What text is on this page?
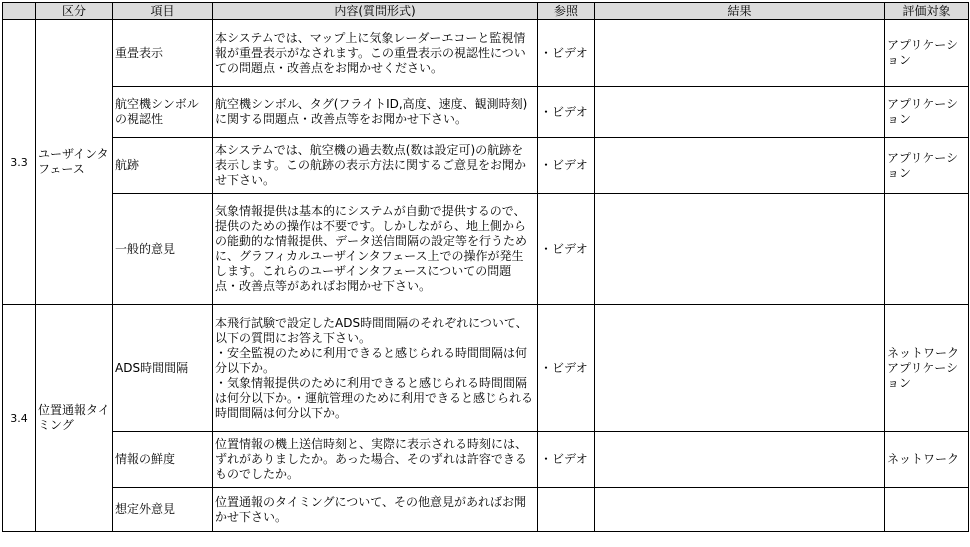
	区分	項目	内容(質問形式)	参照	結果	評価対象
3.3	ユーザインタフェース	重畳表示	本システムでは、マップ上に気象レーダーエコーと監視情報が重畳表示がなされます。この重畳表示の視認性についての問題点・改善点をお聞かせください。	・ビデオ		アプリケーション
		航空機シンボルの視認性	航空機シンボル、タグ(フライトID,高度、速度、観測時刻)に関する問題点・改善点等をお聞かせ下さい。	・ビデオ		アプリケーション
		航跡	本システムでは、航空機の過去数点(数は設定可)の航跡を表示します。この航跡の表示方法に関するご意見をお聞かせ下さい。	・ビデオ		アプリケーション
		一般的意見	気象情報提供は基本的にシステムが自動で提供するので、提供のための操作は不要です。しかしながら、地上側からの能動的な情報提供、データ送信間隔の設定等を行うために、グラフィカルユーザインタフェース上での操作が発生します。これらのユーザインタフェースについての問題点・改善点等があればお聞かせ下さい。	・ビデオ		
3.4	位置通報タイミング	ADS時間間隔	本飛行試験で設定したADS時間間隔のそれぞれについて、以下の質問にお答え下さい。
・安全監視のために利用できると感じられる時間間隔は何分以下か。
・気象情報提供のために利用できると感じられる時間間隔は何分以下か。・運航管理のために利用できると感じられる時間間隔は何分以下か。	・ビデオ		ネットワーク
アプリケーション
		情報の鮮度	位置情報の機上送信時刻と、実際に表示される時刻には、ずれがありましたか。あった場合、そのずれは許容できるものでしたか。	・ビデオ		ネットワーク
		想定外意見	位置通報のタイミングについて、その他意見があればお聞かせ下さい。			
